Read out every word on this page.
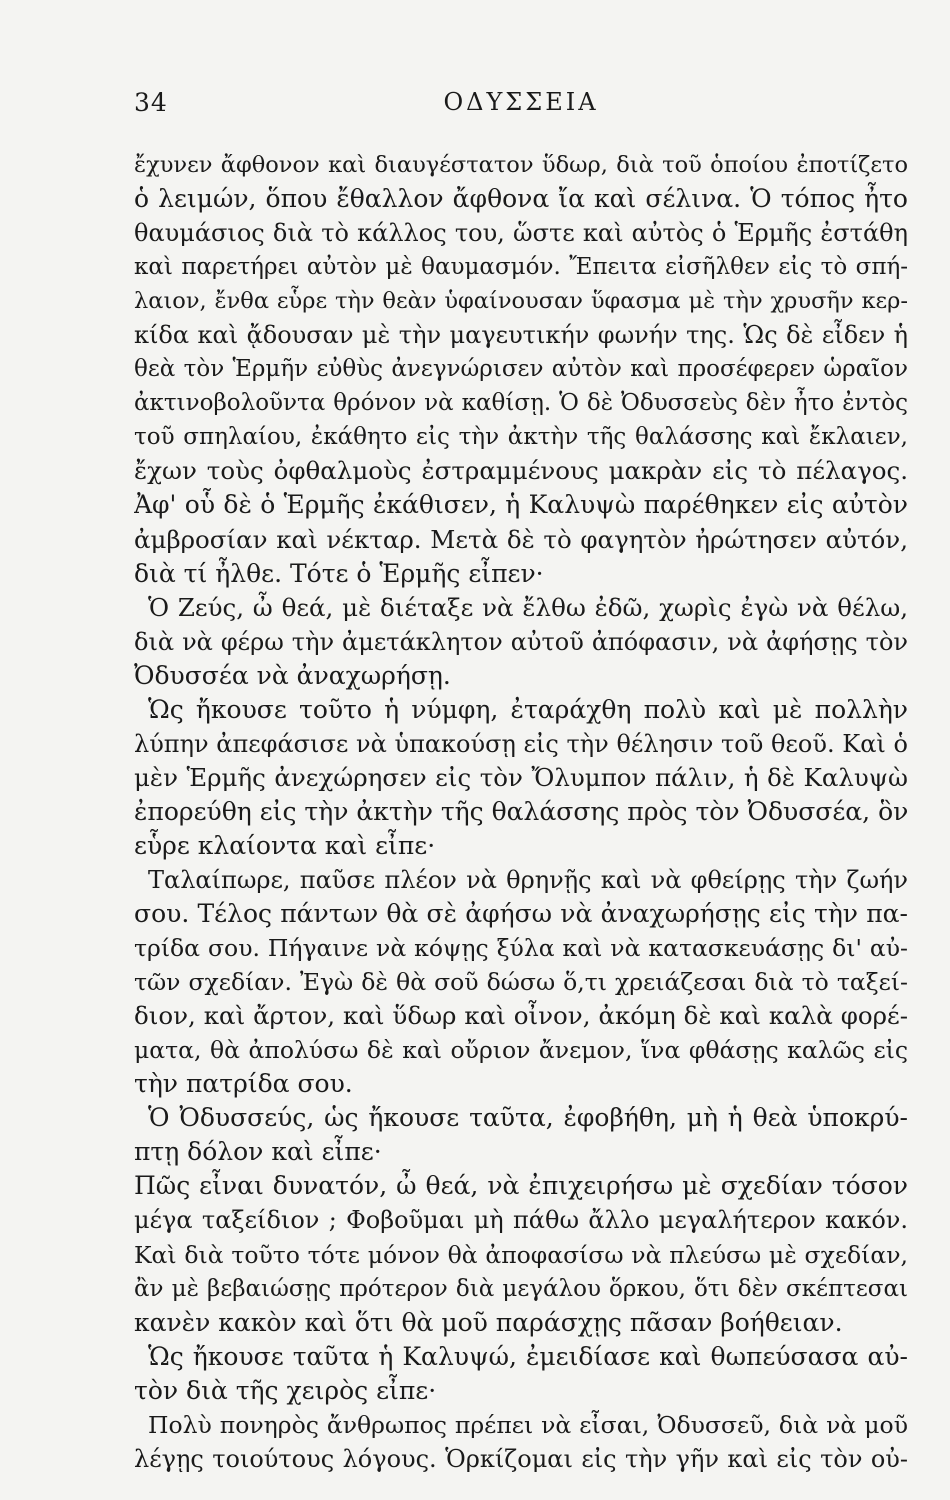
34	ΟΔΥΣΣΕΙΑ
ἔχυνεν ἄφθονον καὶ διαυγέστατον ὕδωρ, διὰ τοῦ ὁποίου ἐποτίζετο
ὁ λειμών, ὅπου ἔθαλλον ἄφθονα ἴα καὶ σέλινα. Ὁ τόπος ἦτο
θαυμάσιος διὰ τὸ κάλλος του, ὥστε καὶ αὐτὸς ὁ Ἑρμῆς ἐστάθη
καὶ παρετήρει αὐτὸν μὲ θαυμασμόν. Ἔπειτα εἰσῆλθεν εἰς τὸ σπή-
λαιον, ἔνθα εὗρε τὴν θεὰν ὑφαίνουσαν ὕφασμα μὲ τὴν χρυσῆν κερ-
κίδα καὶ ᾄδουσαν μὲ τὴν μαγευτικήν φωνήν της. Ὡς δὲ εἶδεν ἡ
θεὰ τὸν Ἑρμῆν εὐθὺς ἀνεγνώρισεν αὐτὸν καὶ προσέφερεν ὡραῖον
ἀκτινοβολοῦντα θρόνον νὰ καθίσῃ. Ὁ δὲ Ὀδυσσεὺς δὲν ἦτο ἐντὸς
τοῦ σπηλαίου, ἐκάθητο εἰς τὴν ἀκτὴν τῆς θαλάσσης καὶ ἔκλαιεν,
ἔχων τοὺς ὀφθαλμοὺς ἐστραμμένους μακρὰν εἰς τὸ πέλαγος.
Ἀφ' οὗ δὲ ὁ Ἑρμῆς ἐκάθισεν, ἡ Καλυψὼ παρέθηκεν εἰς αὐτὸν
ἀμβροσίαν καὶ νέκταρ. Μετὰ δὲ τὸ φαγητὸν ἠρώτησεν αὐτόν,
διὰ τί ἦλθε. Τότε ὁ Ἑρμῆς εἶπεν·
Ὁ Ζεύς, ὦ θεά, μὲ διέταξε νὰ ἔλθω ἐδῶ, χωρὶς ἐγὼ νὰ θέλω,
διὰ νὰ φέρω τὴν ἀμετάκλητον αὐτοῦ ἀπόφασιν, νὰ ἀφήσῃς τὸν
Ὀδυσσέα νὰ ἀναχωρήσῃ.
Ὡς ἤκουσε τοῦτο ἡ νύμφη, ἐταράχθη πολὺ καὶ μὲ πολλὴν
λύπην ἀπεφάσισε νὰ ὑπακούσῃ εἰς τὴν θέλησιν τοῦ θεοῦ. Καὶ ὁ
μὲν Ἑρμῆς ἀνεχώρησεν εἰς τὸν Ὄλυμπον πάλιν, ἡ δὲ Καλυψὼ
ἐπορεύθη εἰς τὴν ἀκτὴν τῆς θαλάσσης πρὸς τὸν Ὀδυσσέα, ὃν
εὗρε κλαίοντα καὶ εἶπε·
Ταλαίπωρε, παῦσε πλέον νὰ θρηνῇς καὶ νὰ φθείρῃς τὴν ζωήν
σου. Τέλος πάντων θὰ σὲ ἀφήσω νὰ ἀναχωρήσῃς εἰς τὴν πα-
τρίδα σου. Πήγαινε νὰ κόψῃς ξύλα καὶ νὰ κατασκευάσῃς δι' αὐ-
τῶν σχεδίαν. Ἐγὼ δὲ θὰ σοῦ δώσω ὅ,τι χρειάζεσαι διὰ τὸ ταξεί-
διον, καὶ ἄρτον, καὶ ὕδωρ καὶ οἶνον, ἀκόμη δὲ καὶ καλὰ φορέ-
ματα, θὰ ἀπολύσω δὲ καὶ οὔριον ἄνεμον, ἵνα φθάσῃς καλῶς εἰς
τὴν πατρίδα σου.
Ὁ Ὀδυσσεύς, ὡς ἤκουσε ταῦτα, ἐφοβήθη, μὴ ἡ θεὰ ὑποκρύ-
πτῃ δόλον καὶ εἶπε·
Πῶς εἶναι δυνατόν, ὦ θεά, νὰ ἐπιχειρήσω μὲ σχεδίαν τόσον
μέγα ταξείδιον ; Φοβοῦμαι μὴ πάθω ἄλλο μεγαλήτερον κακόν.
Καὶ διὰ τοῦτο τότε μόνον θὰ ἀποφασίσω νὰ πλεύσω μὲ σχεδίαν,
ἂν μὲ βεβαιώσῃς πρότερον διὰ μεγάλου ὅρκου, ὅτι δὲν σκέπτεσαι
κανὲν κακὸν καὶ ὅτι θὰ μοῦ παράσχῃς πᾶσαν βοήθειαν.
Ὡς ἤκουσε ταῦτα ἡ Καλυψώ, ἐμειδίασε καὶ θωπεύσασα αὐ-
τὸν διὰ τῆς χειρὸς εἶπε·
Πολὺ πονηρὸς ἄνθρωπος πρέπει νὰ εἶσαι, Ὀδυσσεῦ, διὰ νὰ μοῦ
λέγῃς τοιούτους λόγους. Ὁρκίζομαι εἰς τὴν γῆν καὶ εἰς τὸν οὐ-
